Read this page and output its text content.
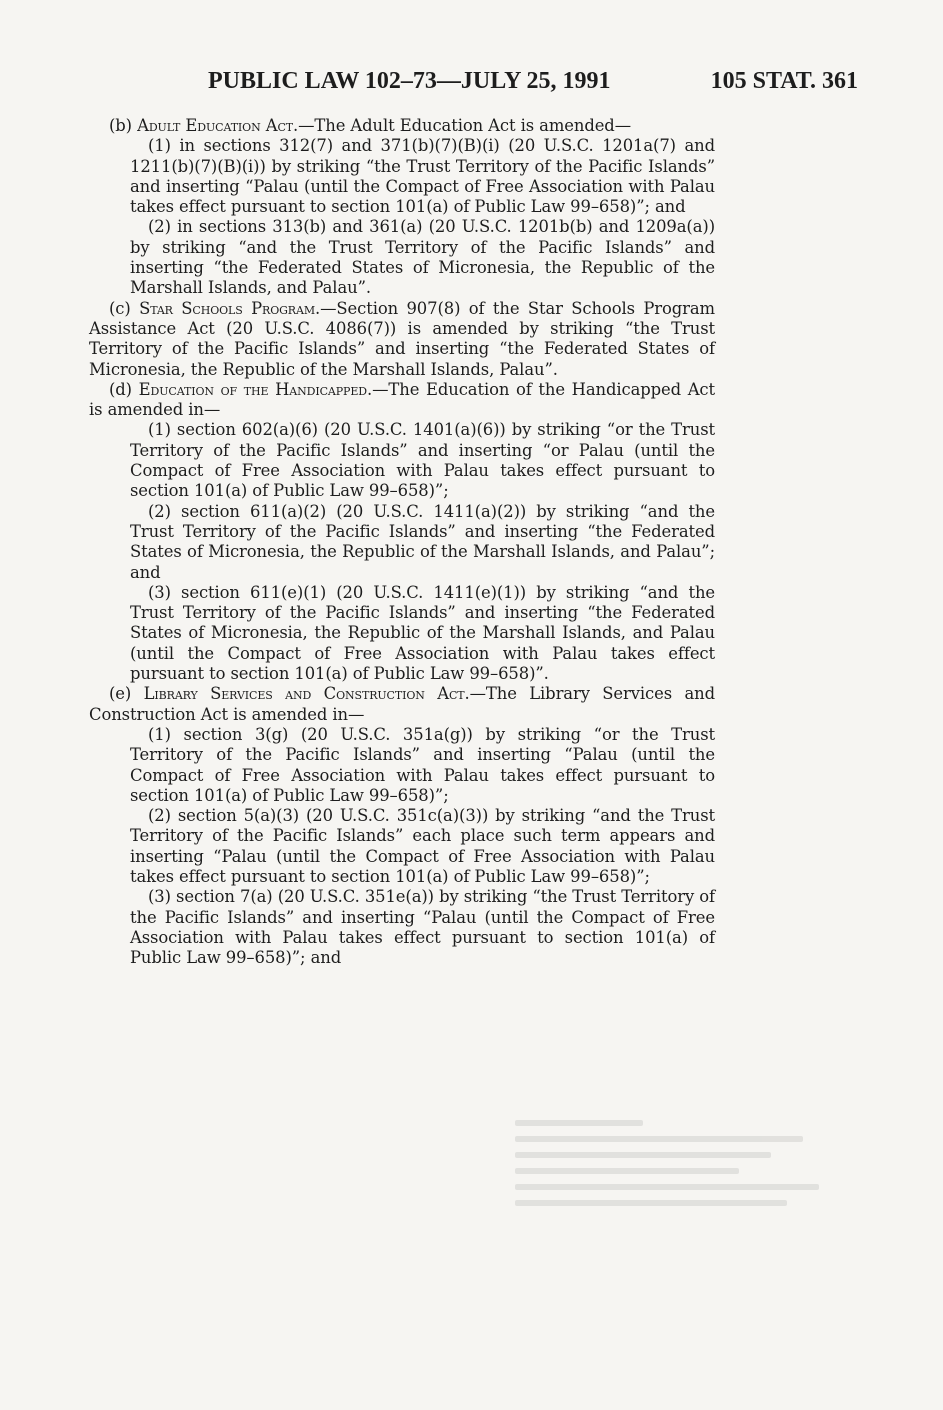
PUBLIC LAW 102–73—JULY 25, 1991	105 STAT. 361

(b) Adult Education Act.—The Adult Education Act is amended—

(1) in sections 312(7) and 371(b)(7)(B)(i) (20 U.S.C. 1201a(7) and 1211(b)(7)(B)(i)) by striking “the Trust Territory of the Pacific Islands” and inserting “Palau (until the Compact of Free Association with Palau takes effect pursuant to section 101(a) of Public Law 99–658)”; and

(2) in sections 313(b) and 361(a) (20 U.S.C. 1201b(b) and 1209a(a)) by striking “and the Trust Territory of the Pacific Islands” and inserting “the Federated States of Micronesia, the Republic of the Marshall Islands, and Palau”.

(c) Star Schools Program.—Section 907(8) of the Star Schools Program Assistance Act (20 U.S.C. 4086(7)) is amended by striking “the Trust Territory of the Pacific Islands” and inserting “the Federated States of Micronesia, the Republic of the Marshall Islands, Palau”.

(d) Education of the Handicapped.—The Education of the Handicapped Act is amended in—

(1) section 602(a)(6) (20 U.S.C. 1401(a)(6)) by striking “or the Trust Territory of the Pacific Islands” and inserting “or Palau (until the Compact of Free Association with Palau takes effect pursuant to section 101(a) of Public Law 99–658)”;

(2) section 611(a)(2) (20 U.S.C. 1411(a)(2)) by striking “and the Trust Territory of the Pacific Islands” and inserting “the Federated States of Micronesia, the Republic of the Marshall Islands, and Palau”; and

(3) section 611(e)(1) (20 U.S.C. 1411(e)(1)) by striking “and the Trust Territory of the Pacific Islands” and inserting “the Federated States of Micronesia, the Republic of the Marshall Islands, and Palau (until the Compact of Free Association with Palau takes effect pursuant to section 101(a) of Public Law 99–658)”.

(e) Library Services and Construction Act.—The Library Services and Construction Act is amended in—

(1) section 3(g) (20 U.S.C. 351a(g)) by striking “or the Trust Territory of the Pacific Islands” and inserting “Palau (until the Compact of Free Association with Palau takes effect pursuant to section 101(a) of Public Law 99–658)”;

(2) section 5(a)(3) (20 U.S.C. 351c(a)(3)) by striking “and the Trust Territory of the Pacific Islands” each place such term appears and inserting “Palau (until the Compact of Free Association with Palau takes effect pursuant to section 101(a) of Public Law 99–658)”;

(3) section 7(a) (20 U.S.C. 351e(a)) by striking “the Trust Territory of the Pacific Islands” and inserting “Palau (until the Compact of Free Association with Palau takes effect pursuant to section 101(a) of Public Law 99–658)”; and
